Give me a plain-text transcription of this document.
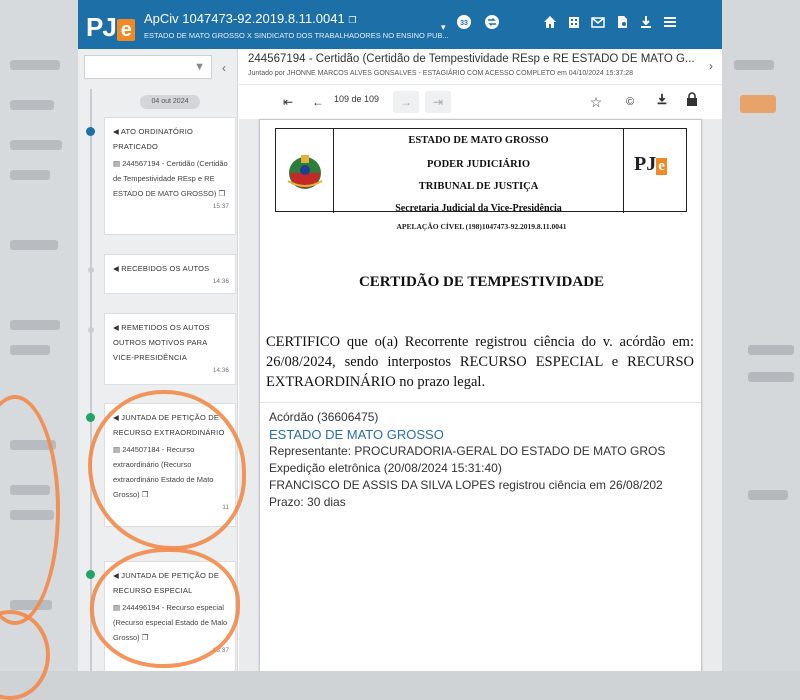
PJ e
ApCiv 1047473-92.2019.8.11.0041 ❐
ESTADO DE MATO GROSSO X SINDICATO DOS TRABALHADORES NO ENSINO PUB...
▾ 33
▼ ‹
04 out 2024
◀ ATO ORDINATÓRIO PRATICADO
▤ 244567194 - Certidão (Certidão de Tempestividade REsp e RE ESTADO DE MATO GROSSO) ❐
15:37
◀ RECEBIDOS OS AUTOS
14:36
◀ REMETIDOS OS AUTOS OUTROS MOTIVOS PARA VICE-PRESIDÊNCIA
14:36
◀ JUNTADA DE PETIÇÃO DE RECURSO EXTRAORDINÁRIO
▤ 244507184 - Recurso extraordinário (Recurso extraordinário Estado de Mato Grosso) ❐
11
◀ JUNTADA DE PETIÇÃO DE RECURSO ESPECIAL
▤ 244496194 - Recurso especial (Recurso especial Estado de Malo Grosso) ❐
13:37
244567194 - Certidão (Certidão de Tempestividade REsp e RE ESTADO DE MATO G...
Juntado por JHONNE MARCOS ALVES GONSALVES - ESTAGIÁRIO COM ACESSO COMPLETO em 04/10/2024 15:37:28
›
⇤	←	109 de 109	→	⇥	☆	©
ESTADO DE MATO GROSSO
PODER JUDICIÁRIO
TRIBUNAL DE JUSTIÇA
Secretaria Judicial da Vice-Presidência
PJ e
APELAÇÃO CÍVEL (198)1047473-92.2019.8.11.0041
CERTIDÃO DE TEMPESTIVIDADE
CERTIFICO que o(a) Recorrente registrou ciência do v. acórdão em: 26/08/2024, sendo interpostos RECURSO ESPECIAL e RECURSO EXTRAORDINÁRIO no prazo legal.
Acórdão (36606475)
ESTADO DE MATO GROSSO
Representante: PROCURADORIA-GERAL DO ESTADO DE MATO GROS
Expedição eletrônica (20/08/2024 15:31:40)
FRANCISCO DE ASSIS DA SILVA LOPES registrou ciência em 26/08/202
Prazo: 30 dias
